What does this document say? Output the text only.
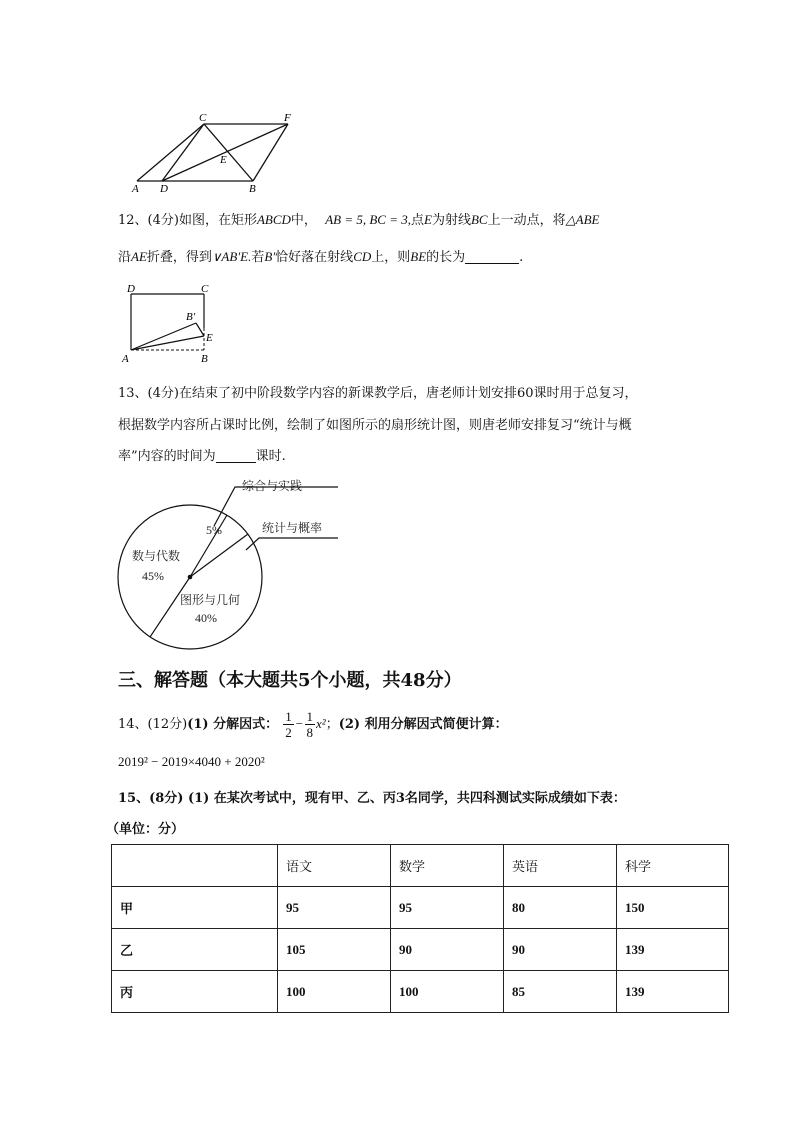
A D	B
C	F
E
12、(4分)如图，在矩形ABCD中， AB = 5, BC = 3,点E为射线BC上一动点，将△ABE
沿AE折叠，得到∨AB′E.若B′恰好落在射线CD上，则BE的长为	.
D	C
A	B
B′
E
13、(4分)在结束了初中阶段数学内容的新课教学后，唐老师计划安排60课时用于总复习，
根据数学内容所占课时比例，绘制了如图所示的扇形统计图，则唐老师安排复习“统计与概
率”内容的时间为	课时.
综合与实践
统计与概率
数与代数
45%
图形与几何
40%
5%
三、解答题（本大题共5个小题，共48分）
14、(12分)(1) 分解因式： $\frac{1}{2} - \frac{1}{8} x^2$；(2) 利用分解因式简便计算：
2019² − 2019×4040 + 2020²
15、(8分) (1) 在某次考试中，现有甲、乙、丙3名同学，共四科测试实际成绩如下表：
（单位：分）
	语文	数学	英语	科学
甲	95	95	80	150
乙	105	90	90	139
丙	100	100	85	139
